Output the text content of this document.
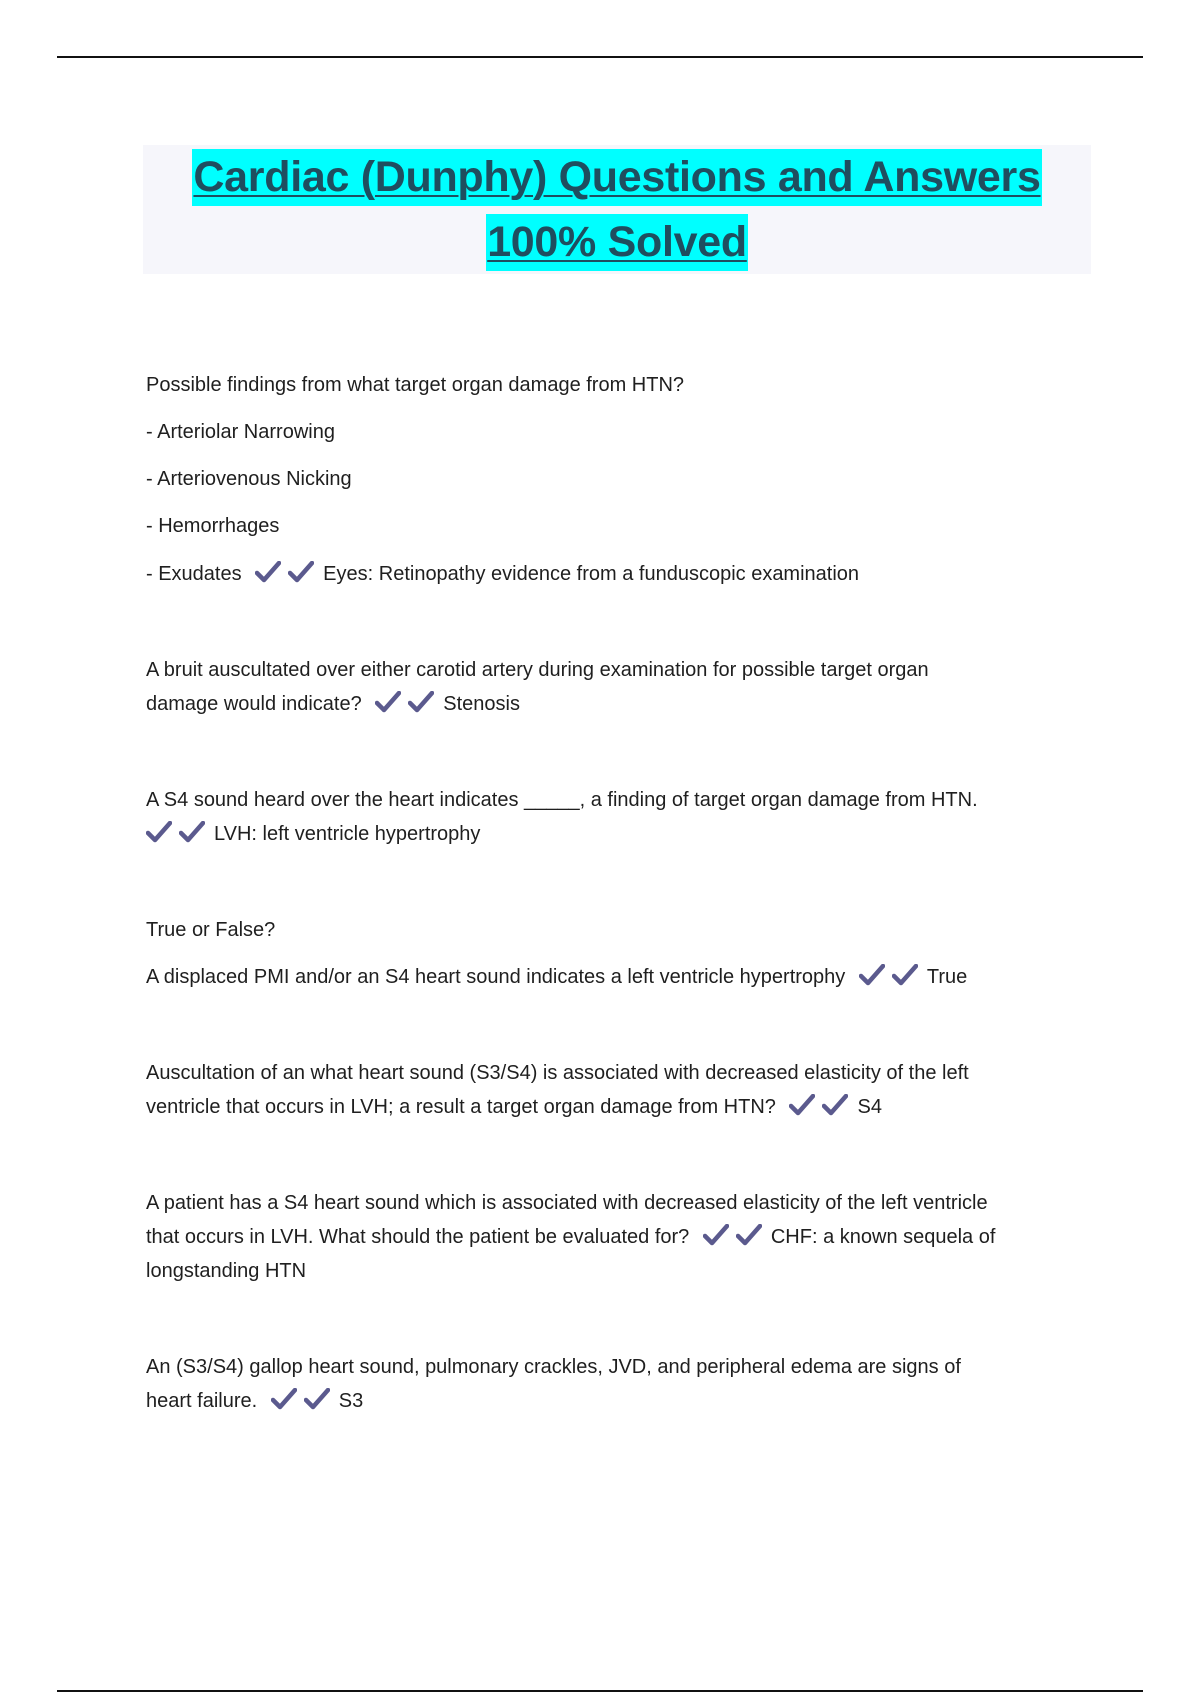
Cardiac (Dunphy) Questions and Answers
100% Solved
Possible findings from what target organ damage from HTN?
- Arteriolar Narrowing
- Arteriovenous Nicking
- Hemorrhages
- Exudates	Eyes: Retinopathy evidence from a funduscopic examination
A bruit auscultated over either carotid artery during examination for possible target organ
damage would indicate?	Stenosis
A S4 sound heard over the heart indicates _____, a finding of target organ damage from HTN.
LVH: left ventricle hypertrophy
True or False?
A displaced PMI and/or an S4 heart sound indicates a left ventricle hypertrophy	True
Auscultation of an what heart sound (S3/S4) is associated with decreased elasticity of the left
ventricle that occurs in LVH; a result a target organ damage from HTN?	S4
A patient has a S4 heart sound which is associated with decreased elasticity of the left ventricle
that occurs in LVH. What should the patient be evaluated for?	CHF: a known sequela of
longstanding HTN
An (S3/S4) gallop heart sound, pulmonary crackles, JVD, and peripheral edema are signs of
heart failure.	S3
